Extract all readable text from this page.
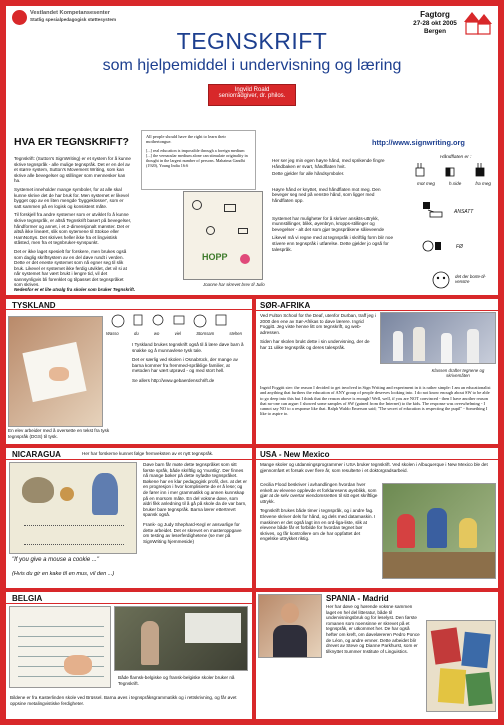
Vestlandet Kompetansesenter
Statlig spesialpedagogisk støttesystem
Fagtorg
27-28 okt 2005
Bergen
TEGNSKRIFT
som hjelpemiddel i undervisning og læring
Ingvild Roald
seniorrådgiver, dr. philos.
HVA ER TEGNSKRIFT?

Tegnskrift: (Sutton's SignWriting) er et system for å kunne skrive tegnspråk - alle mulige tegnspråk. Det er en del av et større system, Sutton's Movement Writing, som kan skrive alle bevegelser og stillinger som mennesker kan ha.

Systemet inneholder mange symboler, for at alle skal kunne skrive det de har bruk for. Men systemet er likevel bygget opp av en liten mengde 'byggeklosser', som er satt sammen på en logisk og konsistent måte.

Til forskjell fra andre systemer som er utviklet fo å kunne skrive tegnspråk, er altså Tegnskrift basert på bevegelser, håndformer og annet, i et 2-dimensjonalt mønster. Det er altså ikke lineært, slik som sytemene til Stokoe eller HamNoSys. Det skrives heller ikke fra et lingvistisk ståsted, men fra et tegnbruker-synspunkt.

Det er ikke laget spesielt for forskere, men brukes også som daglig skriftsystem av en del døve rundt i verden. Dette er det eneste systemet som nå egner seg til slik bruk. Likevel er systemet ikke ferdig utviklet, det vil si at når systemet har vært brukt i lengre tid, vil det sannsynligvis bli forenklet og tilpasset det tegnspråket som skrives.

Nedenfor er et lite utvalg fra skoler som bruker Tegnskrift.
All people should have the right to learn their mothertongue.
[...] real education is impossible through a foreign medium [...] the vernacular medium alone can stimulate originality in thought in the largest number of persons. Mahatma Gandhi (1920), Young India 16:6
HOPP
Joanne har skrevet brev til Julio
http://www.signwriting.org

Her ser jeg min egen høyre hånd, med sprikende fingre Håndbaken er svart, håndflaten hvit.

Dette gjelder for alle håndsymboler.

Høyre hånd er knyttet, med håndflaten mot meg. Den beveger seg ned på venstre hånd, som ligger med håndflaten opp.

Systemet har muligheter for å skriver ansikts-uttrykk, munnstillinger, blikk, øyenbryn, kropps-stillinger og bevegelser - alt det som gjør tegnspråkene såleveende

Likevel må vi regne med at tegnspråk i skriftlig form blir noe stivere enn tegnspråk i utførelse. Dette gjelder jo også for talespråk.

Håndflaten er :
mot meg	h.side	fra meg
ANSATT
FØ
det der borte-til-venstre
TYSKLAND
Wasso	du	wo	viel	Stornsam	stehen

I Tyskland brukes tegnskrift også til å lære døve barn å snakke og å munnavlese tysk tale.

Det er særlig ved skolen i Osnabrück, der mange av barna kommer fra fremmed-språklige familier, at metoden har vært utprøvd - og med stort hell.

Se allers http://www.gebaerdenschrift.de

En elev arbeider med å oversette en tekst fra tysk tegnspråk (DGS) til tysk.
SØR-AFRIKA

Ved Fulton School for the Deaf, utenfor Durban, traff jeg i 2000 den ene av Sør-Afrikas to døve lærere. Ingrid Foggitt. Jeg viste henne litt om tegnskrift, og web-adressen.

Siden har skolen brukt dette i sin undervisning, der de har 11 ulike tegnspråk og deres talespråk.

Klassen drafter tegnene og skrivemåten
Ingrid Foggitt sier: the reason I decided to get involved in Sign Writing and experiment in it is rather simple: I am an educationalist and anything that furthers the education of ANY group of people deserves looking into. I do not know enough about SW to be able to go deep into this but I think that the reason above is enough! Well, well, if you are NOT convinced - then I have another reason that no-one can argue: I showed some samples of SW (gained from the Internet) to the kids. The response was overwhelming - I cannot say NO to a response like that. Ralph Waldo Emerson said; "The secret of education is respecting the pupil" - Something I like to aspire to.
NICARAGUA	Her har forskerne kunnet følge fremveksten av et nytt tegnspråk.

Døve barn får møte dette tegnspråket som sitt første språk, både skriftlig og 'muntlig'. Der finnes nå mange bøker på dette nyfødte tegnspråket. Bøkene har en klar pedagogisk profil, dvs. at det er en progresjon i hvor komplisierte de er å lese; og de fører inn i mer grammatikk og annen kunnskap på en morsom måte. En del voksne døve, som aldri fikk anledning til å gå på skole da de var barn, bruker bare tegnspråk. Barna lærer ettertrevrt spansk også.

Frank- og Judy Shephard-Kegl er ansvarlige for dette arbeidet. Det er skrevet en masteroppgave om testing av leserferdighetene (se mer på SignWriting hjemmeside)

"If you give a mouse a cookie ..."
(Hvis du gir en kake til en mus, vil den ...)
USA - New Mexico
Mange skoler og utdanningsprogrammer i USA bruker tegnskrift. Ved skolen i Albuquerque i New Mexico ble det gjennomført et forsøk over flere år, som resulterte i et doktorgradsarbeid.

Cecilia Flood beskriver i avhandlingen hvordan hver enkelt av elevene opplevde et forklaresens øyeblikk, som gjør at de selv overtar eiendomsretten til sitt eget skriftlige uttrykk.

Tegnskrift brukes både timer i tegnspråk, og i andre fag. Elevene skriver dels for hånd, og dels med datamaskin. I maskinen er det også lagt inn en ord-liga-liste, slik at elevene både får et forbilde for hvordan tegnet bør skrives, og får kontrollere om de har oppfattet det engelske uttrykket riktig.

BELGIA
Både flamsk-belgiske og fransk-belgiske skoler bruker nå Tegnskrift.
Bildene er fra Kasterlinden skole ved Brüssel. Barna øves i tegnspråksgrammatikk og i rettskrivning, og får øvet oppsine metalingvistiske ferdigheter.
SPANIA - Madrid
Her har døve og hørende voksne sammen laget en hel del litteratur, både til undervisningsbruk og for leselyst. Den første romanen som noensinne er skrevet på et tegnspråk, er utkommet her. De har også hefter om kreft, om døvelæreren Pedro Ponce de Léon, og andre emner. Dette arbeidet blir drevet av Steve og Dianne Parkhurst, som er tilknyttet Summer Institute of Linguistics.
